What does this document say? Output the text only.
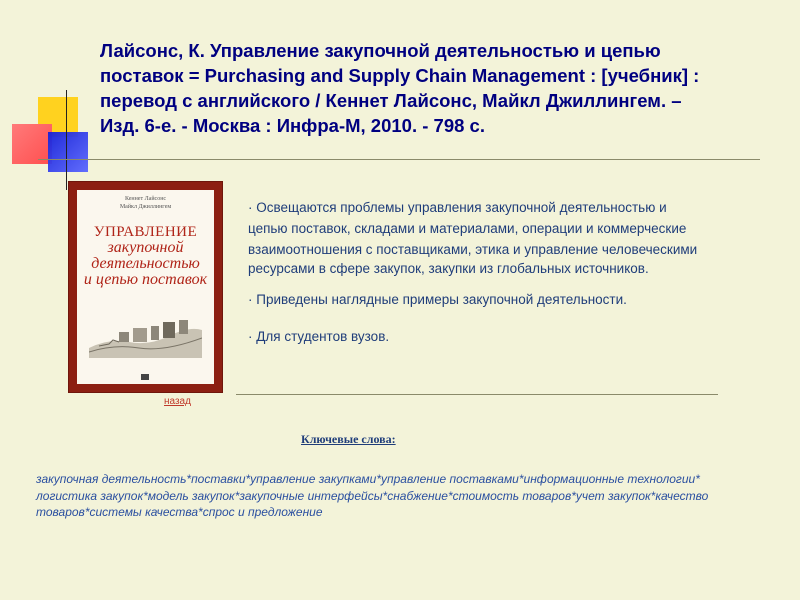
Лайсонс, К. Управление закупочной деятельностью и цепью
поставок = Purchasing and Supply Chain Management : [учебник] :
перевод с английского / Кеннет Лайсонс, Майкл Джиллингем. –
Изд. 6-е. - Москва : Инфра-М, 2010. - 798 с.
Кеннет Лайсонс
Майкл Джиллингем
УПРАВЛЕНИЕ
закупочной
деятельностью
и цепью поставок

· Освещаются проблемы управления закупочной деятельностью и

цепью поставок, складами и материалами, операции и коммерческие

взаимоотношения с поставщиками, этика и управление человеческими

ресурсами в сфере закупок, закупки из глобальных источников.

· Приведены наглядные примеры закупочной деятельности.

· Для студентов вузов.

назад
Ключевые слова:
закупочная деятельность*поставки*управление закупками*управление поставками*информационные технологии*
логистика закупок*модель закупок*закупочные интерфейсы*снабжение*стоимость товаров*учет закупок*качество
товаров*системы качества*спрос и предложение
